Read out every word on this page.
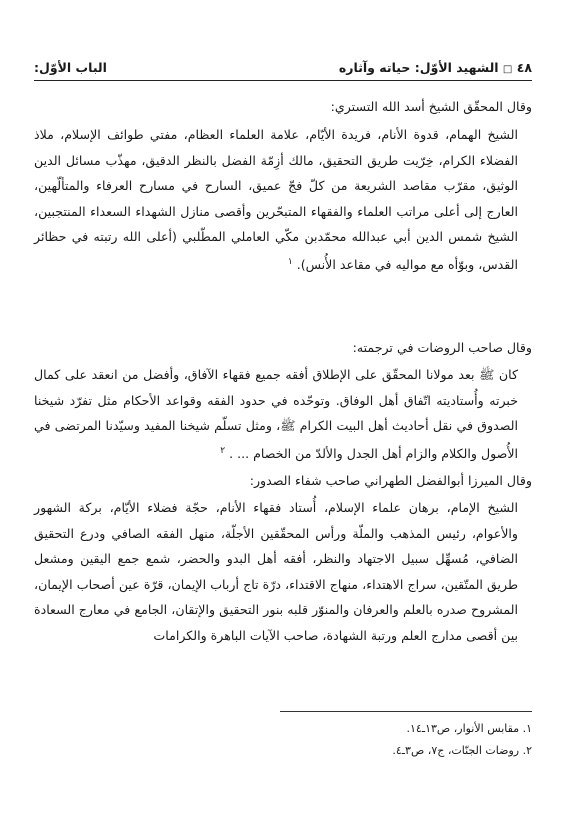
٤٨ □ الشهيد الأوّل: حياته وآثاره
الباب الأوّل:
وقال المحقّق الشيخ أسد الله التستري:
الشيخ الهمام، قدوة الأنام، فريدة الأيّام، علامة العلماء العظام، مفتي طوائف الإسلام، ملاذ الفضلاء الكرام، خِرّيت طريق التحقيق، مالك أزِمّة الفضل بالنظر الدقيق، مهذّب مسائل الدين الوثيق، مقرّب مقاصد الشريعة من كلّ فجّ عميق، السارح في مسارح العرفاء والمتألّهين، العارج إلى أعلى مراتب العلماء والفقهاء المتبحّرين وأقصى منازل الشهداء السعداء المنتجبين، الشيخ شمس الدين أبي عبدالله محمّدبن مكّي العاملي المطّلبي (أعلى الله رتبته في حظائر القدس، وبوّأه مع مواليه في مقاعد الأُنس). $^١$
وقال صاحب الروضات في ترجمته:
كان ﷺ بعد مولانا المحقّق على الإطلاق أفقه جميع فقهاء الآفاق، وأفضل من انعقد على كمال خبرته وأُستاديته اتّفاق أهل الوفاق. وتوحّده في حدود الفقه وقواعد الأحكام مثل تفرّد شيخنا الصدوق في نقل أحاديث أهل البيت الكرام ﷺ، ومثل تسلّم شيخنا المفيد وسيّدنا المرتضى في الأُصول والكلام والزام أهل الجدل والألدّ من الخصام ... . $^٢$
وقال الميرزا أبوالفضل الطهراني صاحب شفاء الصدور:
الشيخ الإمام، برهان علماء الإسلام، أُستاد فقهاء الأنام، حجّة فضلاء الأيّام، بركة الشهور والأعوام، رئيس المذهب والملّة ورأس المحقّقين الأجلّة، منهل الفقه الصافي ودرع التحقيق الضافي، مُسهِّل سبيل الاجتهاد والنظر، أفقه أهل البدو والحضر، شمع جمع اليقين ومشعل طريق المتّقين، سراج الاهتداء، منهاج الاقتداء، درّة تاج أرباب الإيمان، قرّة عين أصحاب الإيمان، المشروح صدره بالعلم والعرفان والمنوّر قلبه بنور التحقيق والإتقان، الجامع في معارج السعادة بين أقصى مدارج العلم ورتبة الشهادة، صاحب الآيات الباهرة والكرامات
١. مقابس الأنوار، ص١٣ـ١٤.
٢. روضات الجنّات، ج٧، ص٣ـ٤.
